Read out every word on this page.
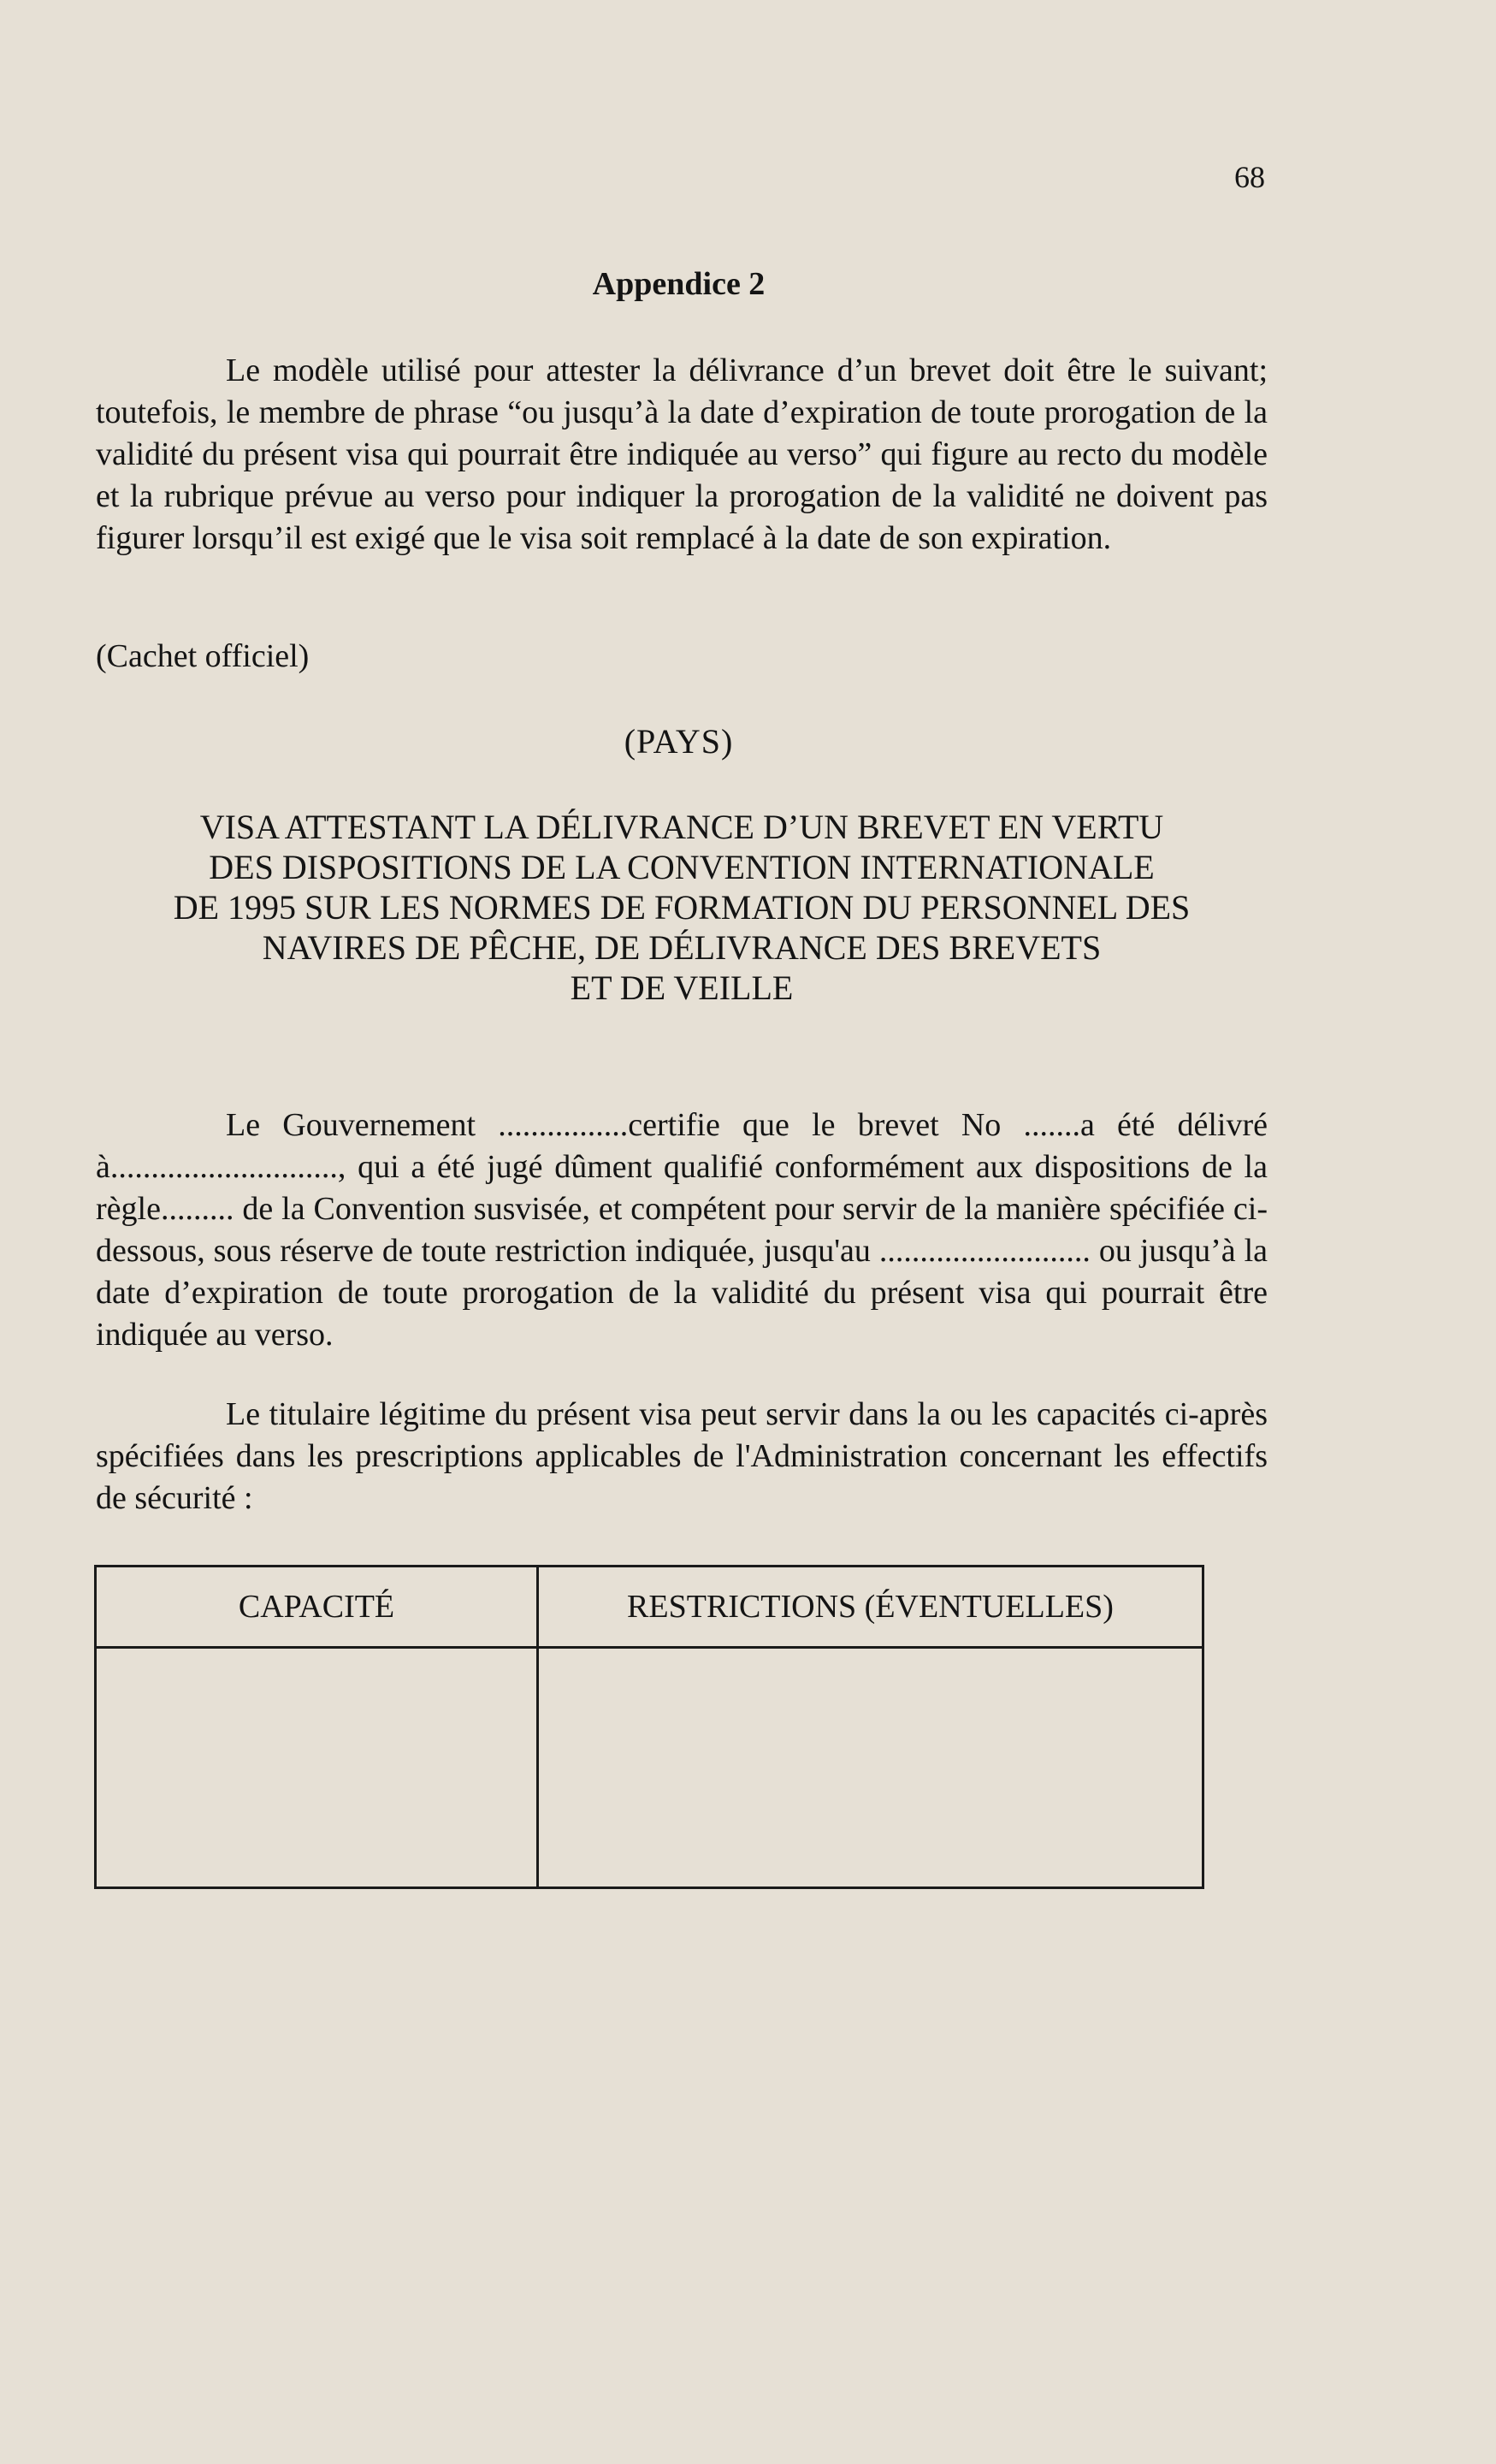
68
Appendice 2

Le modèle utilisé pour attester la délivrance d’un brevet doit être le suivant; toutefois, le membre de phrase “ou jusqu’à la date d’expiration de toute prorogation de la validité du présent visa qui pourrait être indiquée au verso” qui figure au recto du modèle et la rubrique prévue au verso pour indiquer la prorogation de la validité ne doivent pas figurer lorsqu’il est exigé que le visa soit remplacé à la date de son expiration.

(Cachet officiel)
(PAYS)

VISA ATTESTANT LA DÉLIVRANCE D’UN BREVET EN VERTU
DES DISPOSITIONS DE LA CONVENTION INTERNATIONALE
DE 1995 SUR LES NORMES DE FORMATION DU PERSONNEL DES
NAVIRES DE PÊCHE, DE DÉLIVRANCE DES BREVETS
ET DE VEILLE

Le Gouvernement ................certifie que le brevet No .......a été délivré à............................, qui a été jugé dûment qualifié conformément aux dispositions de la règle......... de la Convention susvisée, et compétent pour servir de la manière spécifiée ci-dessous, sous réserve de toute restriction indiquée, jusqu'au .......................... ou jusqu’à la date d’expiration de toute prorogation de la validité du présent visa qui pourrait être indiquée au verso.

Le titulaire légitime du présent visa peut servir dans la ou les capacités ci-après spécifiées dans les prescriptions applicables de l'Administration concernant les effectifs de sécurité :

CAPACITÉ	RESTRICTIONS (ÉVENTUELLES)
